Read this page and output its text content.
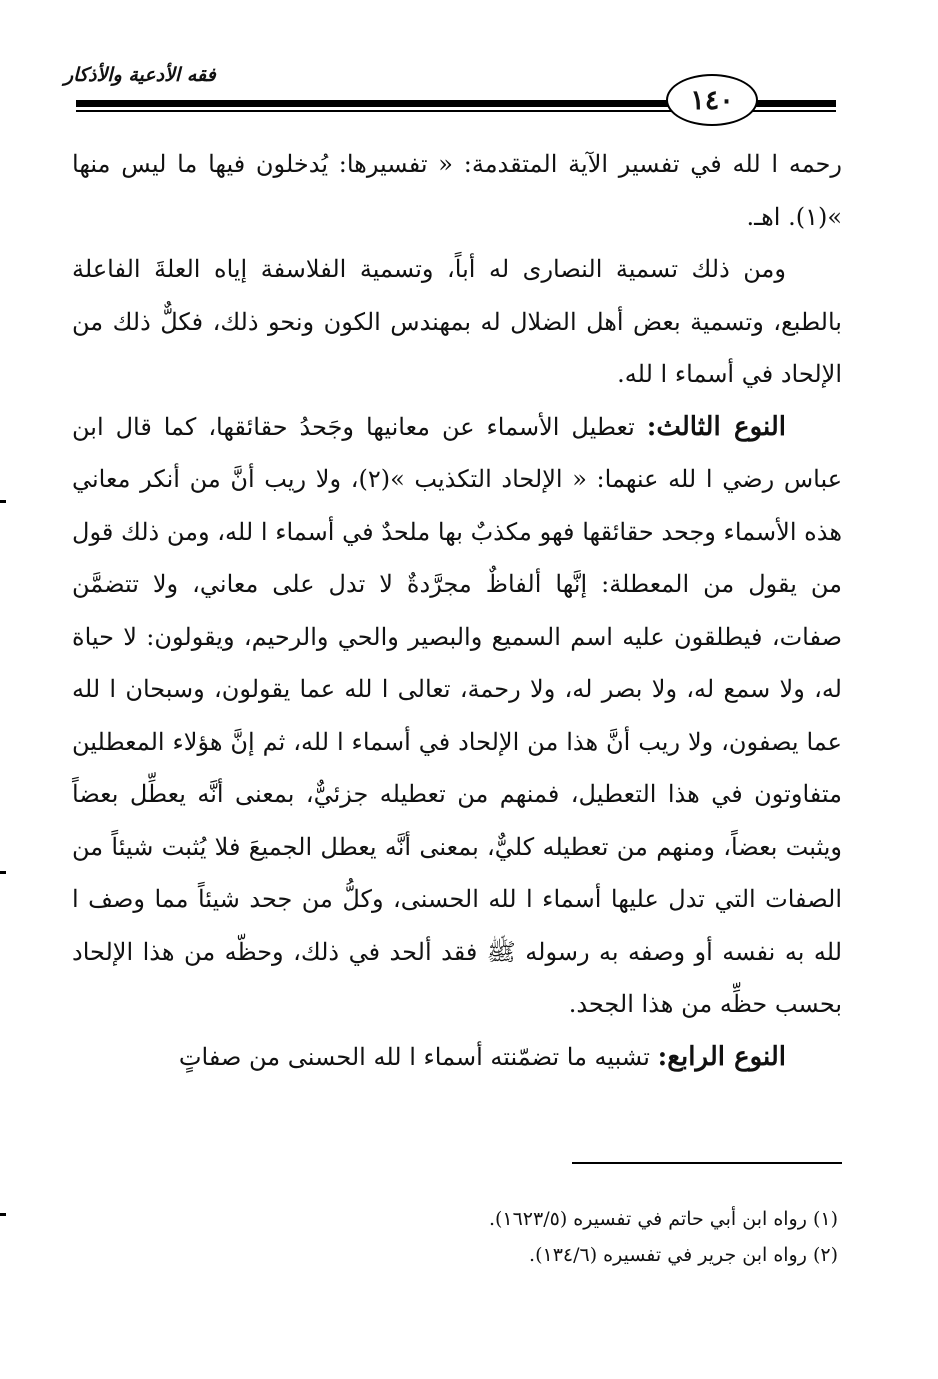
فقه الأدعية والأذكار
١٤٠

رحمه ا لله في تفسير الآية المتقدمة: « تفسيرها: يُدخلون فيها ما ليس منها »(١). اهـ.

ومن ذلك تسمية النصارى له أباً، وتسمية الفلاسفة إياه العلةَ الفاعلة بالطبع، وتسمية بعض أهل الضلال له بمهندس الكون ونحو ذلك، فكلٌّ ذلك من الإلحاد في أسماء ا لله.

النوع الثالث: تعطيل الأسماء عن معانيها وجَحدُ حقائقها، كما قال ابن عباس رضي ا لله عنهما: « الإلحاد التكذيب »(٢)، ولا ريب أنَّ من أنكر معاني هذه الأسماء وجحد حقائقها فهو مكذبٌ بها ملحدٌ في أسماء ا لله، ومن ذلك قول من يقول من المعطلة: إنَّها ألفاظٌ مجرَّدةٌ لا تدل على معاني، ولا تتضمَّن صفات، فيطلقون عليه اسم السميع والبصير والحي والرحيم، ويقولون: لا حياة له، ولا سمع له، ولا بصر له، ولا رحمة، تعالى ا لله عما يقولون، وسبحان ا لله عما يصفون، ولا ريب أنَّ هذا من الإلحاد في أسماء ا لله، ثم إنَّ هؤلاء المعطلين متفاوتون في هذا التعطيل، فمنهم من تعطيله جزئيٌّ، بمعنى أنَّه يعطِّل بعضاً ويثبت بعضاً، ومنهم من تعطيله كليٌّ، بمعنى أنَّه يعطل الجميعَ فلا يُثبت شيئاً من الصفات التي تدل عليها أسماء ا لله الحسنى، وكلُّ من جحد شيئاً مما وصف ا لله به نفسه أو وصفه به رسوله ﷺ فقد ألحد في ذلك، وحظّه من هذا الإلحاد بحسب حظِّه من هذا الجحد.

النوع الرابع: تشبيه ما تضمّنته أسماء ا لله الحسنى من صفاتٍ

(١) رواه ابن أبي حاتم في تفسيره (١٦٢٣/٥).

(٢) رواه ابن جرير في تفسيره (١٣٤/٦).
